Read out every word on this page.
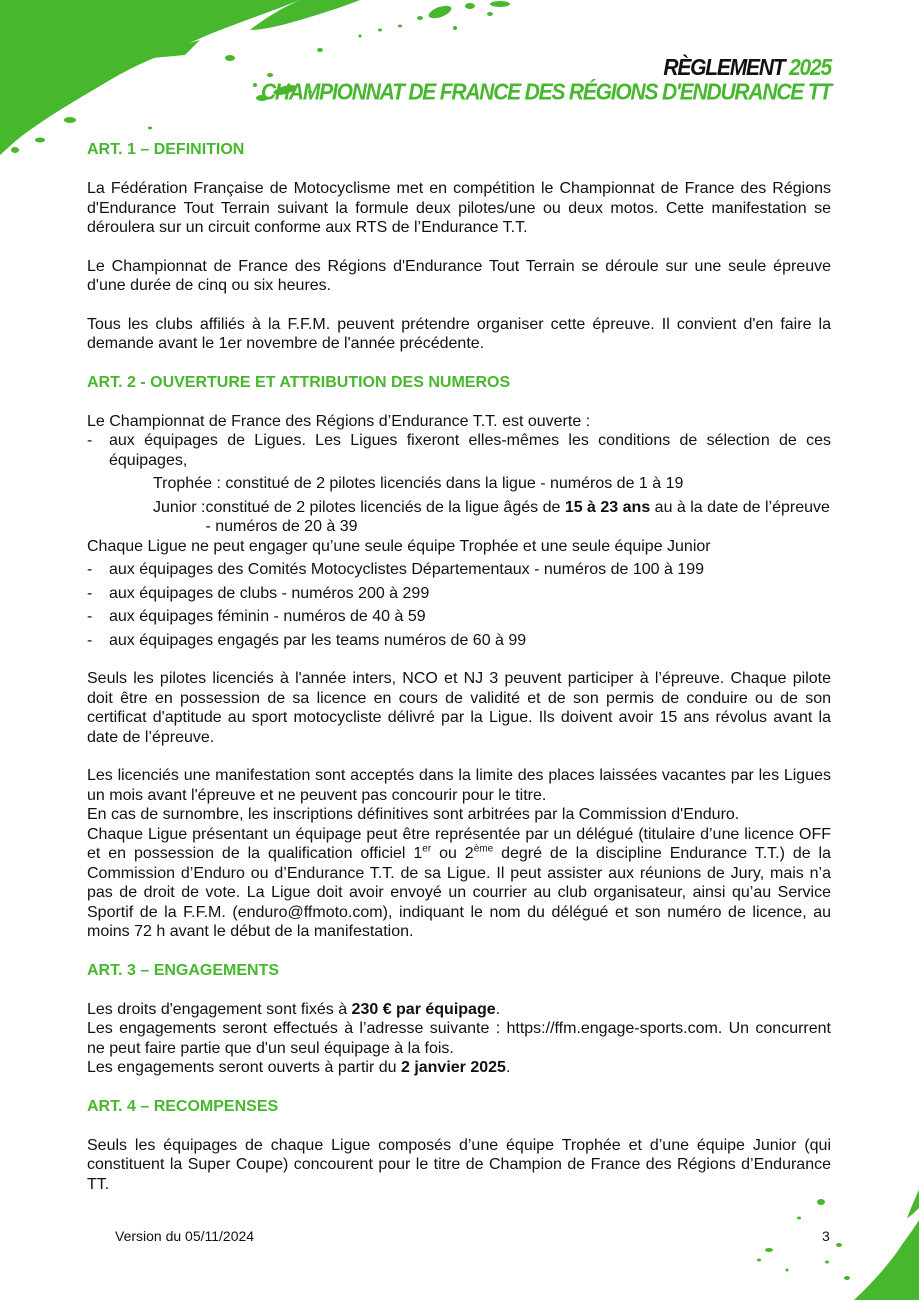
RÈGLEMENT 2025
CHAMPIONNAT DE FRANCE DES RÉGIONS D'ENDURANCE TT
ART. 1 – DEFINITION

La Fédération Française de Motocyclisme met en compétition le Championnat de France des Régions d'Endurance Tout Terrain suivant la formule deux pilotes/une ou deux motos. Cette manifestation se déroulera sur un circuit conforme aux RTS de l’Endurance T.T.

Le Championnat de France des Régions d'Endurance Tout Terrain se déroule sur une seule épreuve d'une durée de cinq ou six heures.

Tous les clubs affiliés à la F.F.M. peuvent prétendre organiser cette épreuve. Il convient d'en faire la demande avant le 1er novembre de l'année précédente.

ART. 2 - OUVERTURE ET ATTRIBUTION DES NUMEROS

Le Championnat de France des Régions d’Endurance T.T. est ouverte :

-	aux équipages de Ligues. Les Ligues fixeront elles-mêmes les conditions de sélection de ces équipages,

Trophée : constitué de 2 pilotes licenciés dans la ligue - numéros de 1 à 19

Junior : constitué de 2 pilotes licenciés de la ligue âgés de 15 à 23 ans au à la date de l’épreuve - numéros de 20 à 39

Chaque Ligue ne peut engager qu’une seule équipe Trophée et une seule équipe Junior

-	aux équipages des Comités Motocyclistes Départementaux - numéros de 100 à 199
-	aux équipages de clubs - numéros 200 à 299
-	aux équipages féminin - numéros de 40 à 59
-	aux équipages engagés par les teams numéros de 60 à 99

Seuls les pilotes licenciés à l'année inters, NCO et NJ 3 peuvent participer à l’épreuve. Chaque pilote doit être en possession de sa licence en cours de validité et de son permis de conduire ou de son certificat d'aptitude au sport motocycliste délivré par la Ligue. Ils doivent avoir 15 ans révolus avant la date de l’épreuve.

Les licenciés une manifestation sont acceptés dans la limite des places laissées vacantes par les Ligues un mois avant l'épreuve et ne peuvent pas concourir pour le titre.

En cas de surnombre, les inscriptions définitives sont arbitrées par la Commission d'Enduro.

Chaque Ligue présentant un équipage peut être représentée par un délégué (titulaire d’une licence OFF et en possession de la qualification officiel 1er ou 2ème degré de la discipline Endurance T.T.) de la Commission d’Enduro ou d’Endurance T.T. de sa Ligue. Il peut assister aux réunions de Jury, mais n’a pas de droit de vote. La Ligue doit avoir envoyé un courrier au club organisateur, ainsi qu’au Service Sportif de la F.F.M. (enduro@ffmoto.com), indiquant le nom du délégué et son numéro de licence, au moins 72 h avant le début de la manifestation.

ART. 3 – ENGAGEMENTS

Les droits d'engagement sont fixés à 230 € par équipage.

Les engagements seront effectués à l’adresse suivante : https://ffm.engage-sports.com. Un concurrent ne peut faire partie que d'un seul équipage à la fois.

Les engagements seront ouverts à partir du 2 janvier 2025.

ART. 4 – RECOMPENSES

Seuls les équipages de chaque Ligue composés d’une équipe Trophée et d’une équipe Junior (qui constituent la Super Coupe) concourent pour le titre de Champion de France des Régions d’Endurance TT.

Version du 05/11/2024	3
